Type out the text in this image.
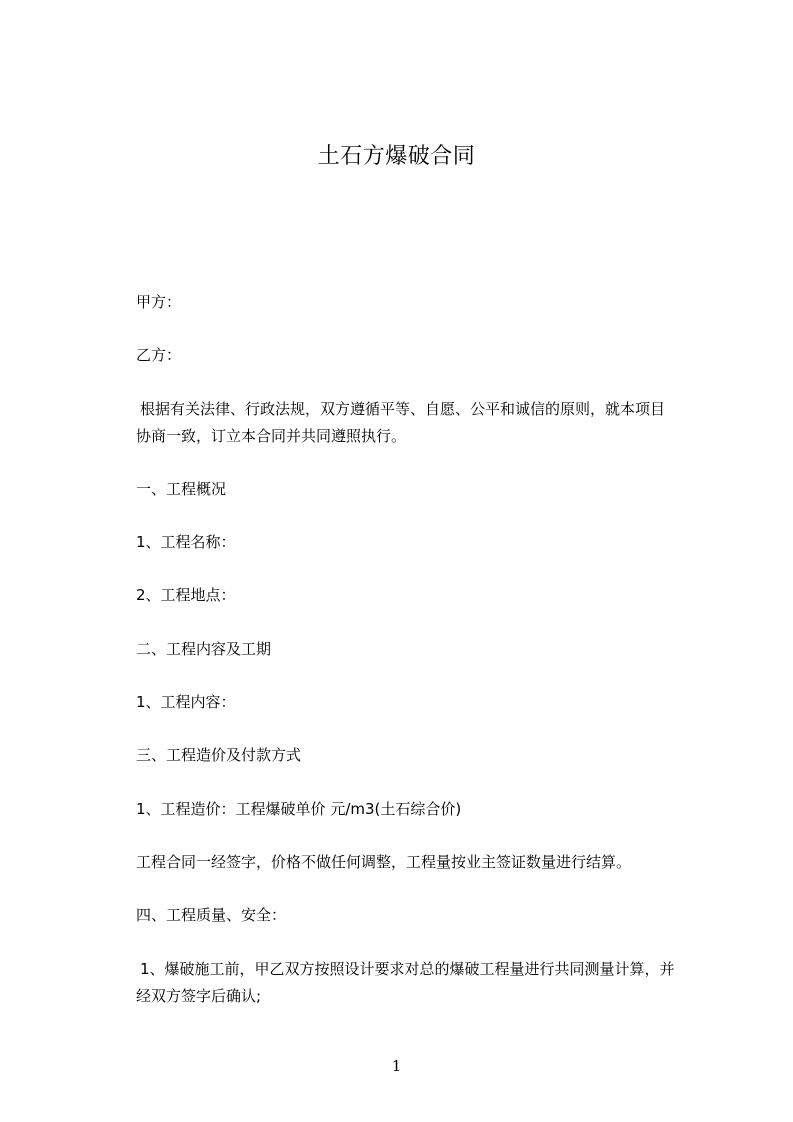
土石方爆破合同
甲方：
乙方：
根据有关法律、行政法规，双方遵循平等、自愿、公平和诚信的原则，就本项目
协商一致，订立本合同并共同遵照执行。
一、工程概况
1、工程名称：
2、工程地点：
二、工程内容及工期
1、工程内容：
三、工程造价及付款方式
1、工程造价：工程爆破单价 元/m3(土石综合价)
工程合同一经签字，价格不做任何调整，工程量按业主签证数量进行结算。
四、工程质量、安全：
1、爆破施工前，甲乙双方按照设计要求对总的爆破工程量进行共同测量计算，并
经双方签字后确认;
1
